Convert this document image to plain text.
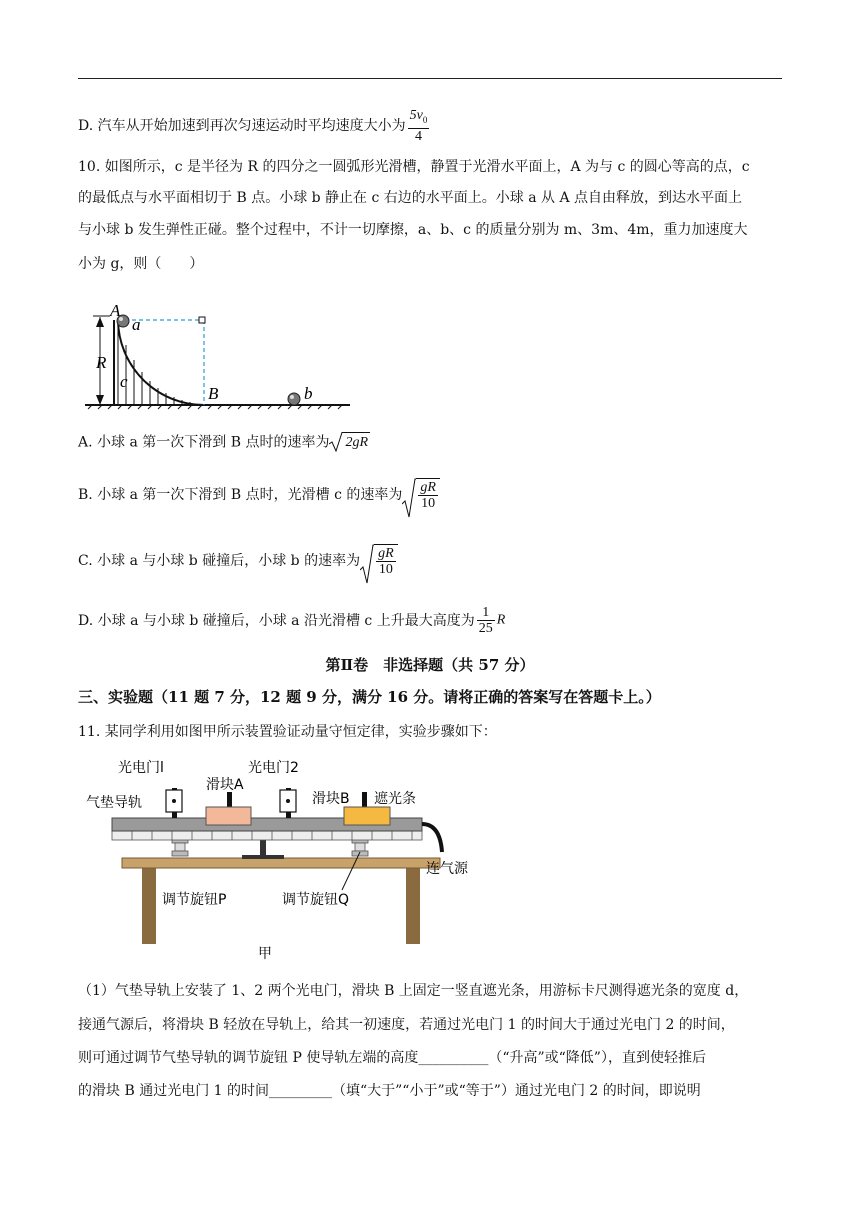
D. 汽车从开始加速到再次匀速运动时平均速度大小为 $\frac{5v_0}{4}$
10. 如图所示，c 是半径为 R 的四分之一圆弧形光滑槽，静置于光滑水平面上，A 为与 c 的圆心等高的点，c
的最低点与水平面相切于 B 点。小球 b 静止在 c 右边的水平面上。小球 a 从 A 点自由释放，到达水平面上
与小球 b 发生弹性正碰。整个过程中，不计一切摩擦，a、b、c 的质量分别为 m、3m、4m，重力加速度大
小为 g，则（　　）
A
a
R
c
B	b
A. 小球 a 第一次下滑到 B 点时的速率为 2gR
B. 小球 a 第一次下滑到 B 点时，光滑槽 c 的速率为 $\frac{gR}{10}$
C. 小球 a 与小球 b 碰撞后，小球 b 的速率为 $\frac{gR}{10}$
D. 小球 a 与小球 b 碰撞后，小球 a 沿光滑槽 c 上升最大高度为 $\frac{1}{25}$ R
第Ⅱ卷　非选择题（共 57 分）
三、实验题（11 题 7 分，12 题 9 分，满分 16 分。请将正确的答案写在答题卡上。）
11. 某同学利用如图甲所示装置验证动量守恒定律，实验步骤如下：
光电门l	光电门2
滑块A
滑块B 遮光条
气垫导轨
连气源
调节旋钮P	调节旋钮Q
甲
（1）气垫导轨上安装了 1、2 两个光电门，滑块 B 上固定一竖直遮光条，用游标卡尺测得遮光条的宽度 d，
接通气源后，将滑块 B 轻放在导轨上，给其一初速度，若通过光电门 1 的时间大于通过光电门 2 的时间，
则可通过调节气垫导轨的调节旋钮 P 使导轨左端的高度__________（“升高”或“降低”），直到使轻推后
的滑块 B 通过光电门 1 的时间_________（填“大于”“小于”或“等于”）通过光电门 2 的时间，即说明
